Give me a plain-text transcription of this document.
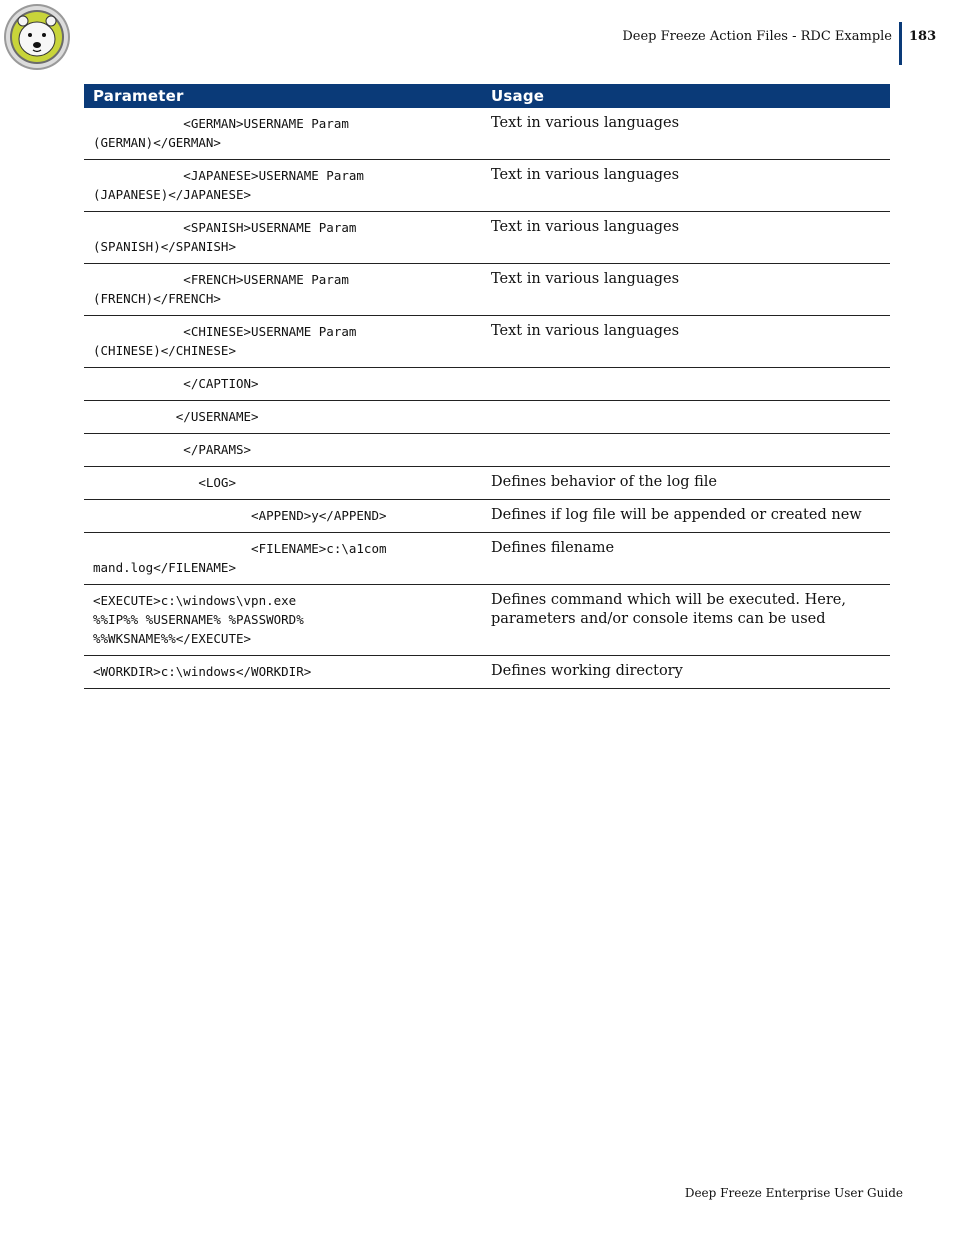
Deep Freeze Action Files - RDC Example 183
Parameter	Usage
<GERMAN>USERNAME Param
(GERMAN)</GERMAN>	Text in various languages
<JAPANESE>USERNAME Param
(JAPANESE)</JAPANESE>	Text in various languages
<SPANISH>USERNAME Param
(SPANISH)</SPANISH>	Text in various languages
<FRENCH>USERNAME Param
(FRENCH)</FRENCH>	Text in various languages
<CHINESE>USERNAME Param
(CHINESE)</CHINESE>	Text in various languages
</CAPTION>	
</USERNAME>	
</PARAMS>	
<LOG>	Defines behavior of the log file
<APPEND>y</APPEND>	Defines if log file will be appended or created new
<FILENAME>c:\a1com
mand.log</FILENAME>	Defines filename
<EXECUTE>c:\windows\vpn.exe
%%IP%% %USERNAME% %PASSWORD%
%%WKSNAME%%</EXECUTE>	Defines command which will be executed. Here, parameters and/or console items can be used
<WORKDIR>c:\windows</WORKDIR>	Defines working directory
Deep Freeze Enterprise User Guide
